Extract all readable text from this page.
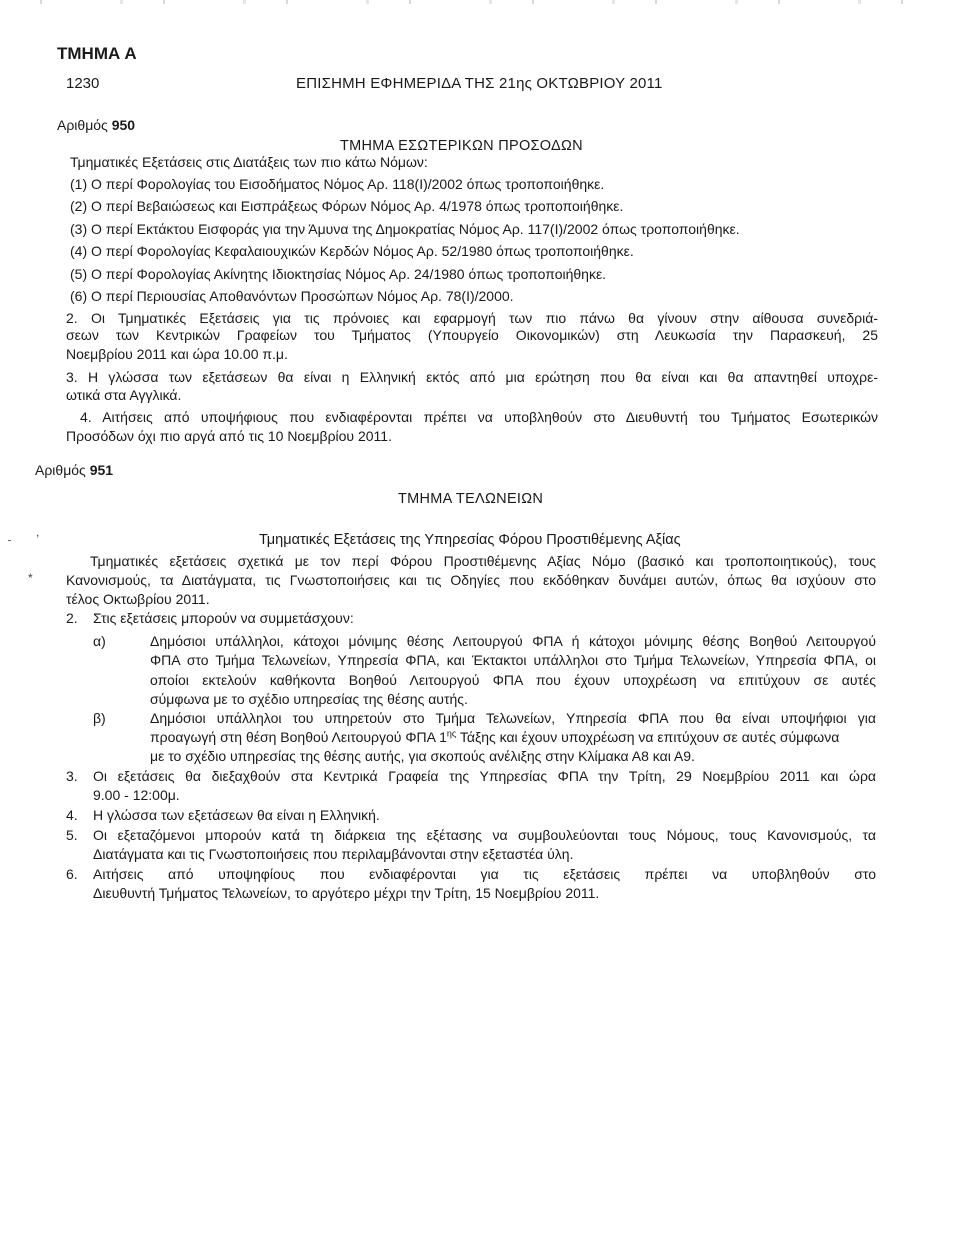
ΤΜΗΜΑ Α
1230	ΕΠΙΣΗΜΗ ΕΦΗΜΕΡΙΔΑ ΤΗΣ 21ης ΟΚΤΩΒΡΙΟΥ 2011
Αριθμός 950
ΤΜΗΜΑ ΕΣΩΤΕΡΙΚΩΝ ΠΡΟΣΟΔΩΝ
Τμηματικές Εξετάσεις στις Διατάξεις των πιο κάτω Νόμων:
(1) Ο περί Φορολογίας του Εισοδήματος Νόμος Αρ. 118(Ι)/2002 όπως τροποποιήθηκε.
(2) Ο περί Βεβαιώσεως και Εισπράξεως Φόρων Νόμος Αρ. 4/1978 όπως τροποποιήθηκε.
(3) Ο περί Εκτάκτου Εισφοράς για την Άμυνα της Δημοκρατίας Νόμος Αρ. 117(Ι)/2002 όπως τροποποιήθηκε.
(4) Ο περί Φορολογίας Κεφαλαιουχικών Κερδών Νόμος Αρ. 52/1980 όπως τροποποιήθηκε.
(5) Ο περί Φορολογίας Ακίνητης Ιδιοκτησίας Νόμος Αρ. 24/1980 όπως τροποποιήθηκε.
(6) Ο περί Περιουσίας Αποθανόντων Προσώπων Νόμος Αρ. 78(Ι)/2000.
2. Οι Τμηματικές Εξετάσεις για τις πρόνοιες και εφαρμογή των πιο πάνω θα γίνουν στην αίθουσα συνεδριά-
σεων των Κεντρικών Γραφείων του Τμήματος (Υπουργείο Οικονομικών) στη Λευκωσία την Παρασκευή, 25
Νοεμβρίου 2011 και ώρα 10.00 π.μ.
3. Η γλώσσα των εξετάσεων θα είναι η Ελληνική εκτός από μια ερώτηση που θα είναι και θα απαντηθεί υποχρε-
ωτικά στα Αγγλικά.
4. Αιτήσεις από υποψήφιους που ενδιαφέρονται πρέπει να υποβληθούν στο Διευθυντή του Τμήματος Εσωτερικών
Προσόδων όχι πιο αργά από τις 10 Νοεμβρίου 2011.
Αριθμός 951
ΤΜΗΜΑ ΤΕΛΩΝΕΙΩΝ
Τμηματικές Εξετάσεις της Υπηρεσίας Φόρου Προστιθέμενης Αξίας
Τμηματικές εξετάσεις σχετικά με τον περί Φόρου Προστιθέμενης Αξίας Νόμο (βασικό και τροποποιητικούς), τους
Κανονισμούς, τα Διατάγματα, τις Γνωστοποιήσεις και τις Οδηγίες που εκδόθηκαν δυνάμει αυτών, όπως θα ισχύουν στο
τέλος Οκτωβρίου 2011.
2. Στις εξετάσεις μπορούν να συμμετάσχουν:
α)	Δημόσιοι υπάλληλοι, κάτοχοι μόνιμης θέσης Λειτουργού ΦΠΑ ή κάτοχοι μόνιμης θέσης Βοηθού Λειτουργού
ΦΠΑ στο Τμήμα Τελωνείων, Υπηρεσία ΦΠΑ, και Έκτακτοι υπάλληλοι στο Τμήμα Τελωνείων, Υπηρεσία ΦΠΑ, οι
οποίοι εκτελούν καθήκοντα Βοηθού Λειτουργού ΦΠΑ που έχουν υποχρέωση να επιτύχουν σε αυτές
σύμφωνα με το σχέδιο υπηρεσίας της θέσης αυτής.
β)	Δημόσιοι υπάλληλοι του υπηρετούν στο Τμήμα Τελωνείων, Υπηρεσία ΦΠΑ που θα είναι υποψήφιοι για
προαγωγή στη θέση Βοηθού Λειτουργού ΦΠΑ $1^{\eta\varsigma}$ Τάξης και έχουν υποχρέωση να επιτύχουν σε αυτές σύμφωνα
με το σχέδιο υπηρεσίας της θέσης αυτής, για σκοπούς ανέλιξης στην Κλίμακα Α8 και Α9.
3. Οι εξετάσεις θα διεξαχθούν στα Κεντρικά Γραφεία της Υπηρεσίας ΦΠΑ την Τρίτη, 29 Νοεμβρίου 2011 και ώρα
9.00 - 12:00μ.
4. Η γλώσσα των εξετάσεων θα είναι η Ελληνική.
5. Οι εξεταζόμενοι μπορούν κατά τη διάρκεια της εξέτασης να συμβουλεύονται τους Νόμους, τους Κανονισμούς, τα
Διατάγματα και τις Γνωστοποιήσεις που περιλαμβάνονται στην εξεταστέα ύλη.
6. Αιτήσεις από υποψηφίους που ενδιαφέρονται για τις εξετάσεις πρέπει να υποβληθούν στο
Διευθυντή Τμήματος Τελωνείων, το αργότερο μέχρι την Τρίτη, 15 Νοεμβρίου 2011.
,
*
